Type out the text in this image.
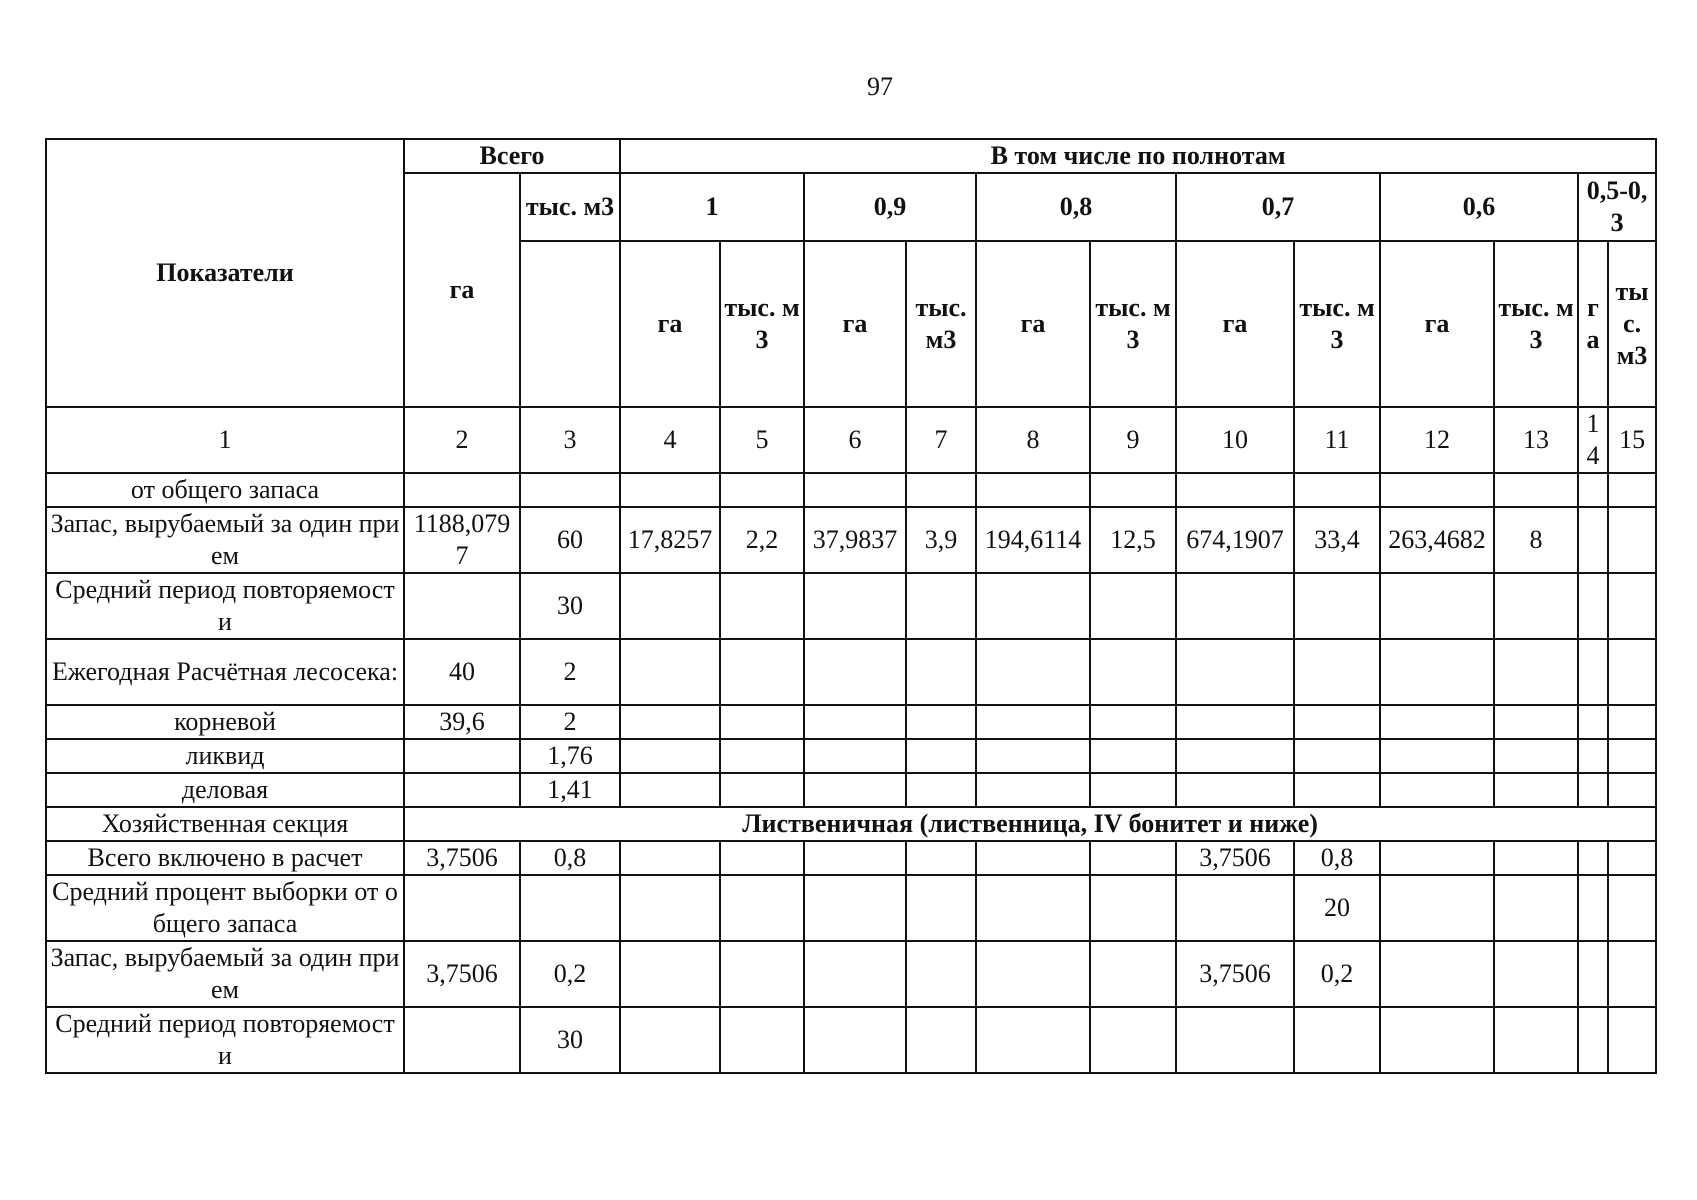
97
Показатели	Всего		В том числе по полнотам											
	га	тыс. м3	1		0,9		0,8		0,7		0,6		0,5-0,3	
			га	тыс. м3	га	тыс. м3	га	тыс. м3	га	тыс. м3	га	тыс. м3	га	тыс. м3
1	2	3	4	5	6	7	8	9	10	11	12	13	14	15
от общего запаса														
Запас, вырубаемый за один прием	1188,0797	60	17,8257	2,2	37,9837	3,9	194,6114	12,5	674,1907	33,4	263,4682	8		
Средний период повторяемости		30												
Ежегодная Расчётная лесосека:	40	2												
корневой	39,6	2												
ликвид		1,76												
деловая		1,41												
Хозяйственная секция	Лиственичная (лиственница, IV бонитет и ниже)													
Всего включено в расчет	3,7506	0,8							3,7506	0,8				
Средний процент выборки от общего запаса										20				
Запас, вырубаемый за один прием	3,7506	0,2							3,7506	0,2				
Средний период повторяемости		30												
